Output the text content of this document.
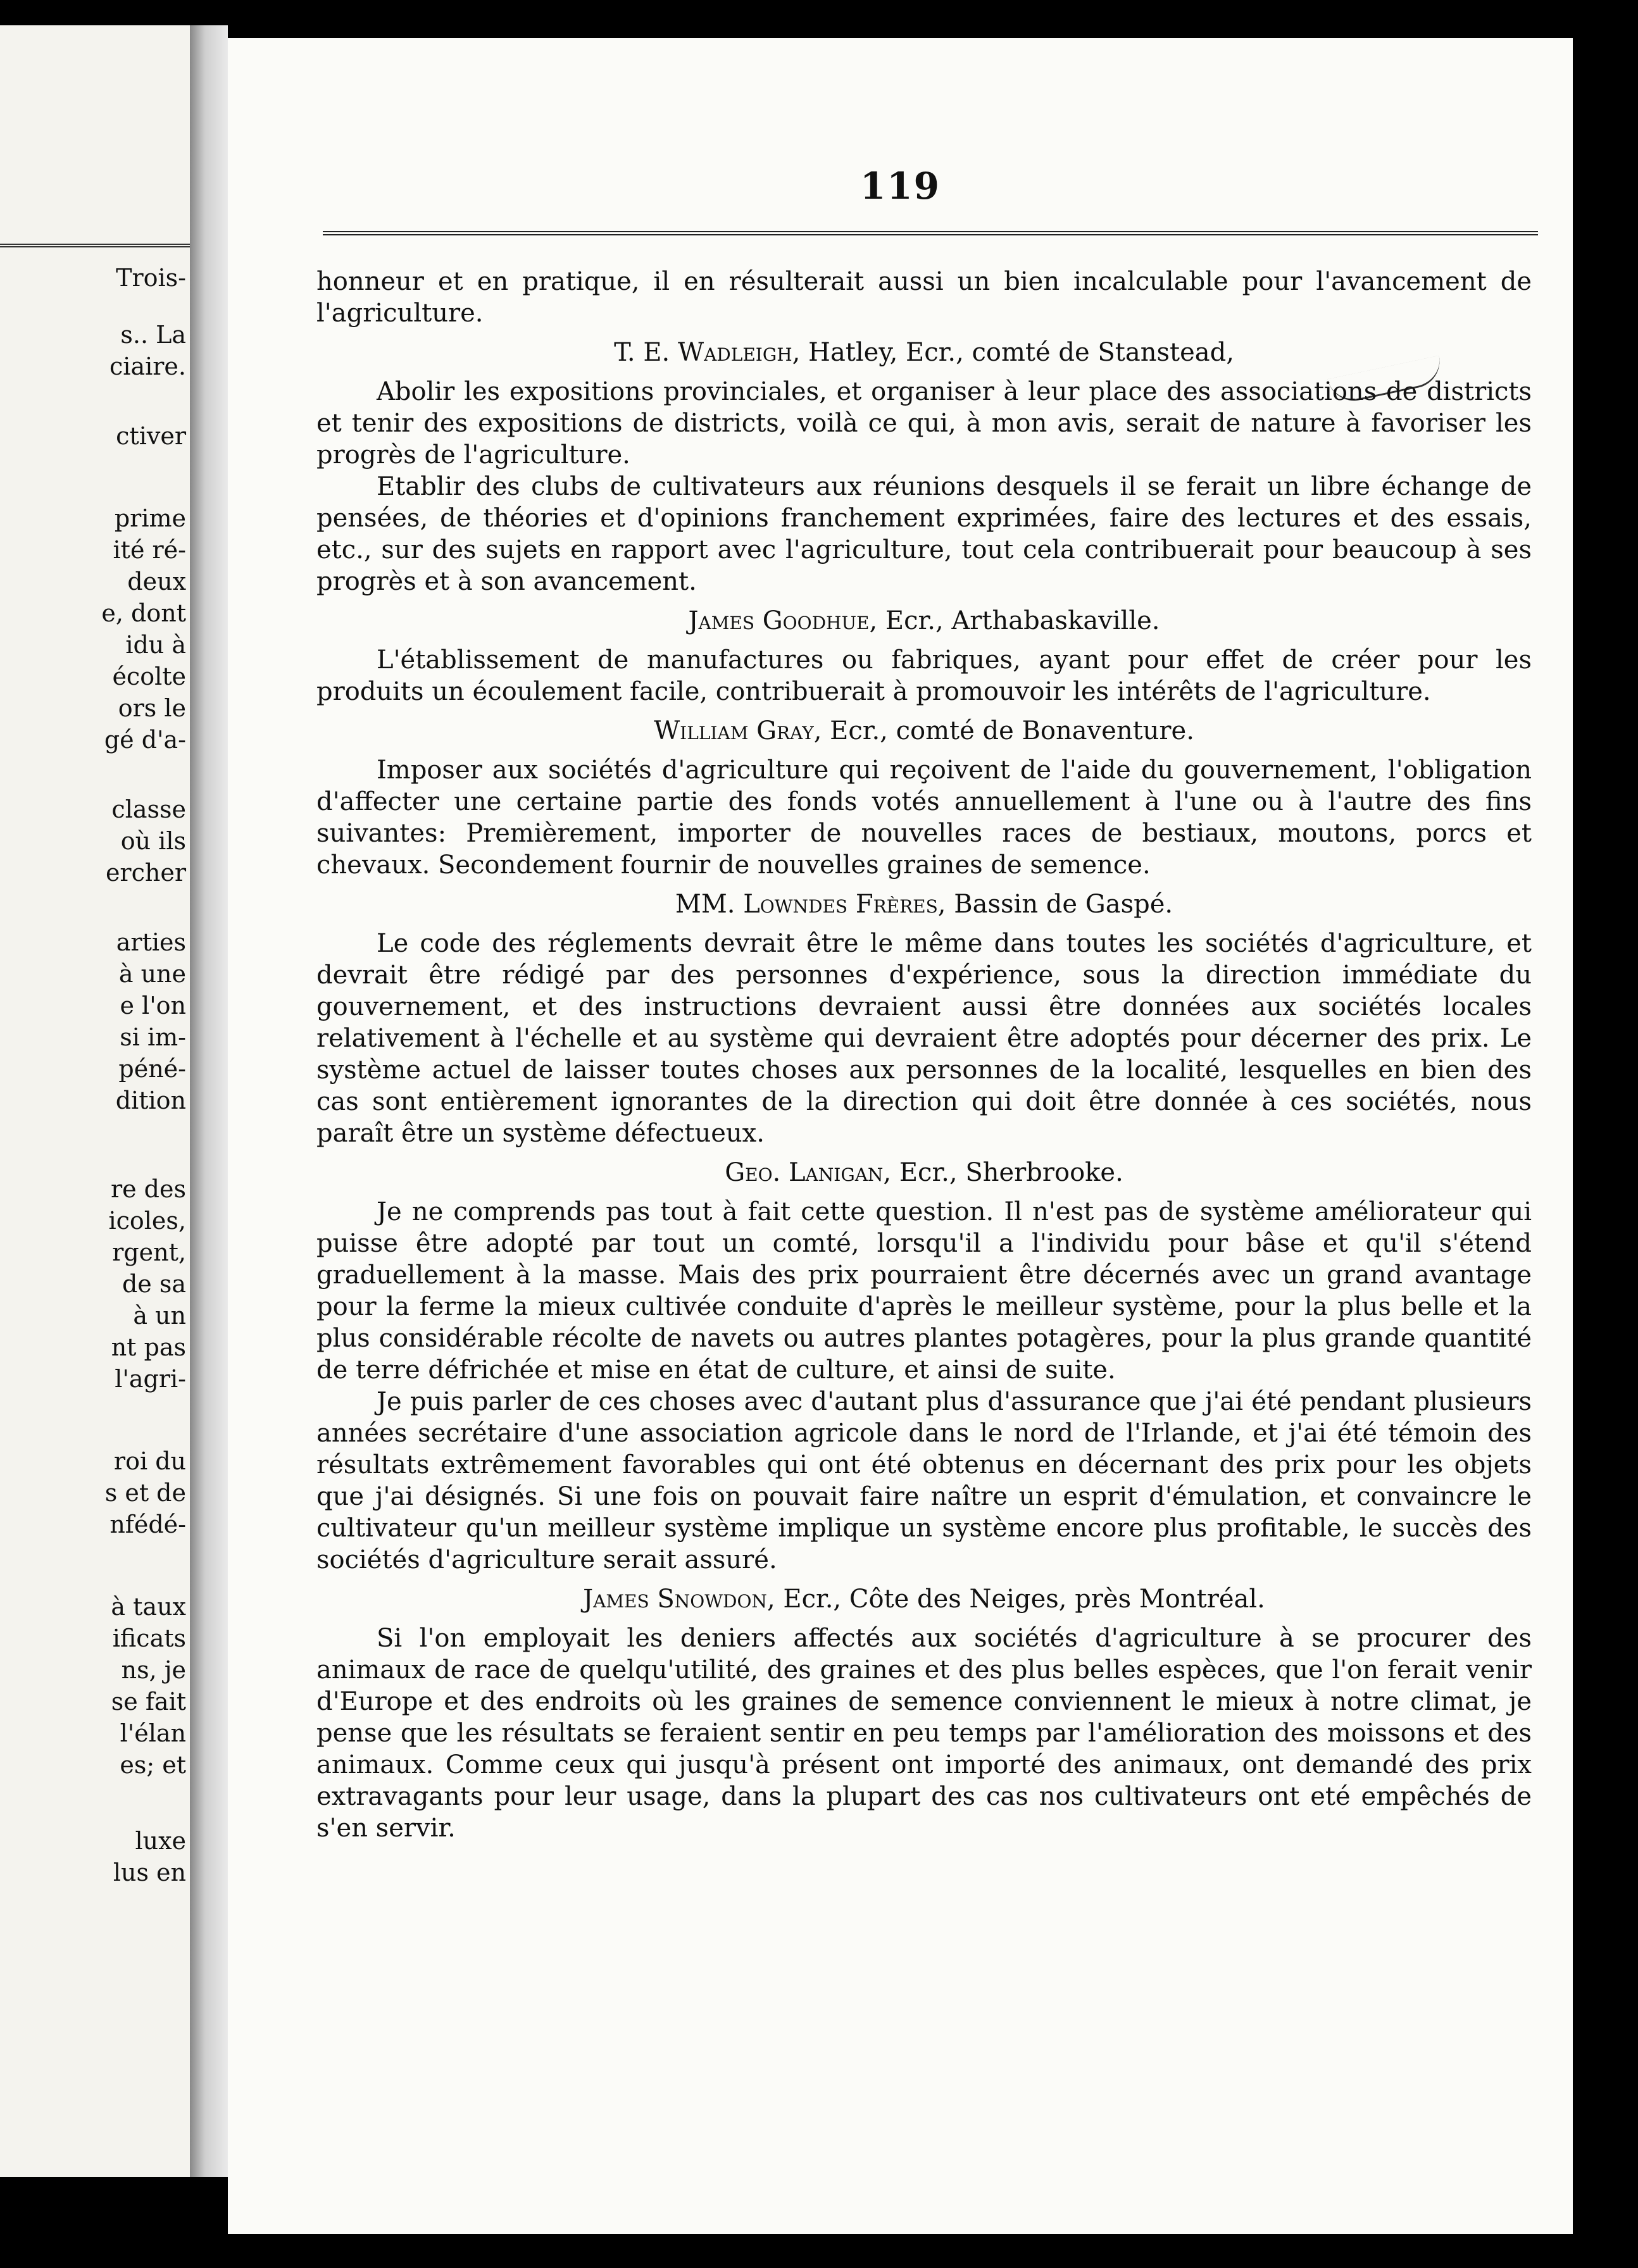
Trois-
s.. La
ciaire.
ctiver
prime
ité ré-
deux
e, dont
idu à
écolte
ors le
gé d'a-
classe
où ils
ercher
arties
à une
e l'on
si im-
péné-
dition
re des
icoles,
rgent,
de sa
à un
nt pas
l'agri-
roi du
s et de
nfédé-
à taux
ificats
ns, je
se fait
l'élan
es; et
luxe
lus en
119

honneur et en pratique, il en résulterait aussi un bien incalculable pour l'avancement de l'agriculture.

T. E. Wadleigh, Hatley, Ecr., comté de Stanstead,

Abolir les expositions provinciales, et organiser à leur place des associations de districts et tenir des expositions de districts, voilà ce qui, à mon avis, serait de nature à favoriser les progrès de l'agriculture.

Etablir des clubs de cultivateurs aux réunions desquels il se ferait un libre échange de pensées, de théories et d'opinions franchement exprimées, faire des lectures et des essais, etc., sur des sujets en rapport avec l'agriculture, tout cela contribuerait pour beaucoup à ses progrès et à son avancement.

James Goodhue, Ecr., Arthabaskaville.

L'établissement de manufactures ou fabriques, ayant pour effet de créer pour les produits un écoulement facile, contribuerait à promouvoir les intérêts de l'agriculture.

William Gray, Ecr., comté de Bonaventure.

Imposer aux sociétés d'agriculture qui reçoivent de l'aide du gouvernement, l'obligation d'affecter une certaine partie des fonds votés annuellement à l'une ou à l'autre des fins suivantes: Premièrement, importer de nouvelles races de bestiaux, moutons, porcs et chevaux. Secondement fournir de nouvelles graines de semence.

MM. Lowndes Frères, Bassin de Gaspé.

Le code des réglements devrait être le même dans toutes les sociétés d'agriculture, et devrait être rédigé par des personnes d'expérience, sous la direction immédiate du gouvernement, et des instructions devraient aussi être données aux sociétés locales relativement à l'échelle et au système qui devraient être adoptés pour décerner des prix. Le système actuel de laisser toutes choses aux personnes de la localité, lesquelles en bien des cas sont entièrement ignorantes de la direction qui doit être donnée à ces sociétés, nous paraît être un système défectueux.

Geo. Lanigan, Ecr., Sherbrooke.

Je ne comprends pas tout à fait cette question. Il n'est pas de système améliorateur qui puisse être adopté par tout un comté, lorsqu'il a l'individu pour bâse et qu'il s'étend graduellement à la masse. Mais des prix pourraient être décernés avec un grand avantage pour la ferme la mieux cultivée conduite d'après le meilleur système, pour la plus belle et la plus considérable récolte de navets ou autres plantes potagères, pour la plus grande quantité de terre défrichée et mise en état de culture, et ainsi de suite.

Je puis parler de ces choses avec d'autant plus d'assurance que j'ai été pendant plusieurs années secrétaire d'une association agricole dans le nord de l'Irlande, et j'ai été témoin des résultats extrêmement favorables qui ont été obtenus en décernant des prix pour les objets que j'ai désignés. Si une fois on pouvait faire naître un esprit d'émulation, et convaincre le cultivateur qu'un meilleur système implique un système encore plus profitable, le succès des sociétés d'agriculture serait assuré.

James Snowdon, Ecr., Côte des Neiges, près Montréal.

Si l'on employait les deniers affectés aux sociétés d'agriculture à se procurer des animaux de race de quelqu'utilité, des graines et des plus belles espèces, que l'on ferait venir d'Europe et des endroits où les graines de semence conviennent le mieux à notre climat, je pense que les résultats se feraient sentir en peu temps par l'amélioration des moissons et des animaux. Comme ceux qui jusqu'à présent ont importé des animaux, ont demandé des prix extravagants pour leur usage, dans la plupart des cas nos cultivateurs ont eté empêchés de s'en servir.
